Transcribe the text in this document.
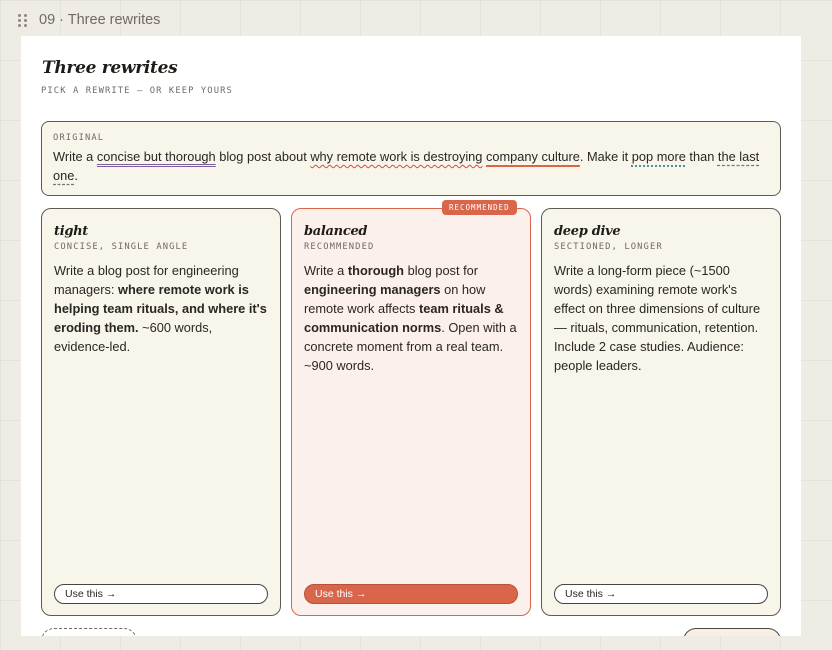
09 · Three rewrites
Three rewrites
PICK A REWRITE — OR KEEP YOURS
ORIGINAL
Write a concise but thorough blog post about why remote work is destroying company culture. Make it pop more than the last one.
tight
CONCISE, SINGLE ANGLE
Write a blog post for engineering managers: where remote work is helping team rituals, and where it's eroding them. ~600 words, evidence-led.
Use this →
RECOMMENDED
balanced
RECOMMENDED
Write a thorough blog post for engineering managers on how remote work affects team rituals & communication norms. Open with a concrete moment from a real team. ~900 words.
Use this →
deep dive
SECTIONED, LONGER
Write a long-form piece (~1500 words) examining remote work's effect on three dimensions of culture — rituals, communication, retention. Include 2 case studies. Audience: people leaders.
Use this →
